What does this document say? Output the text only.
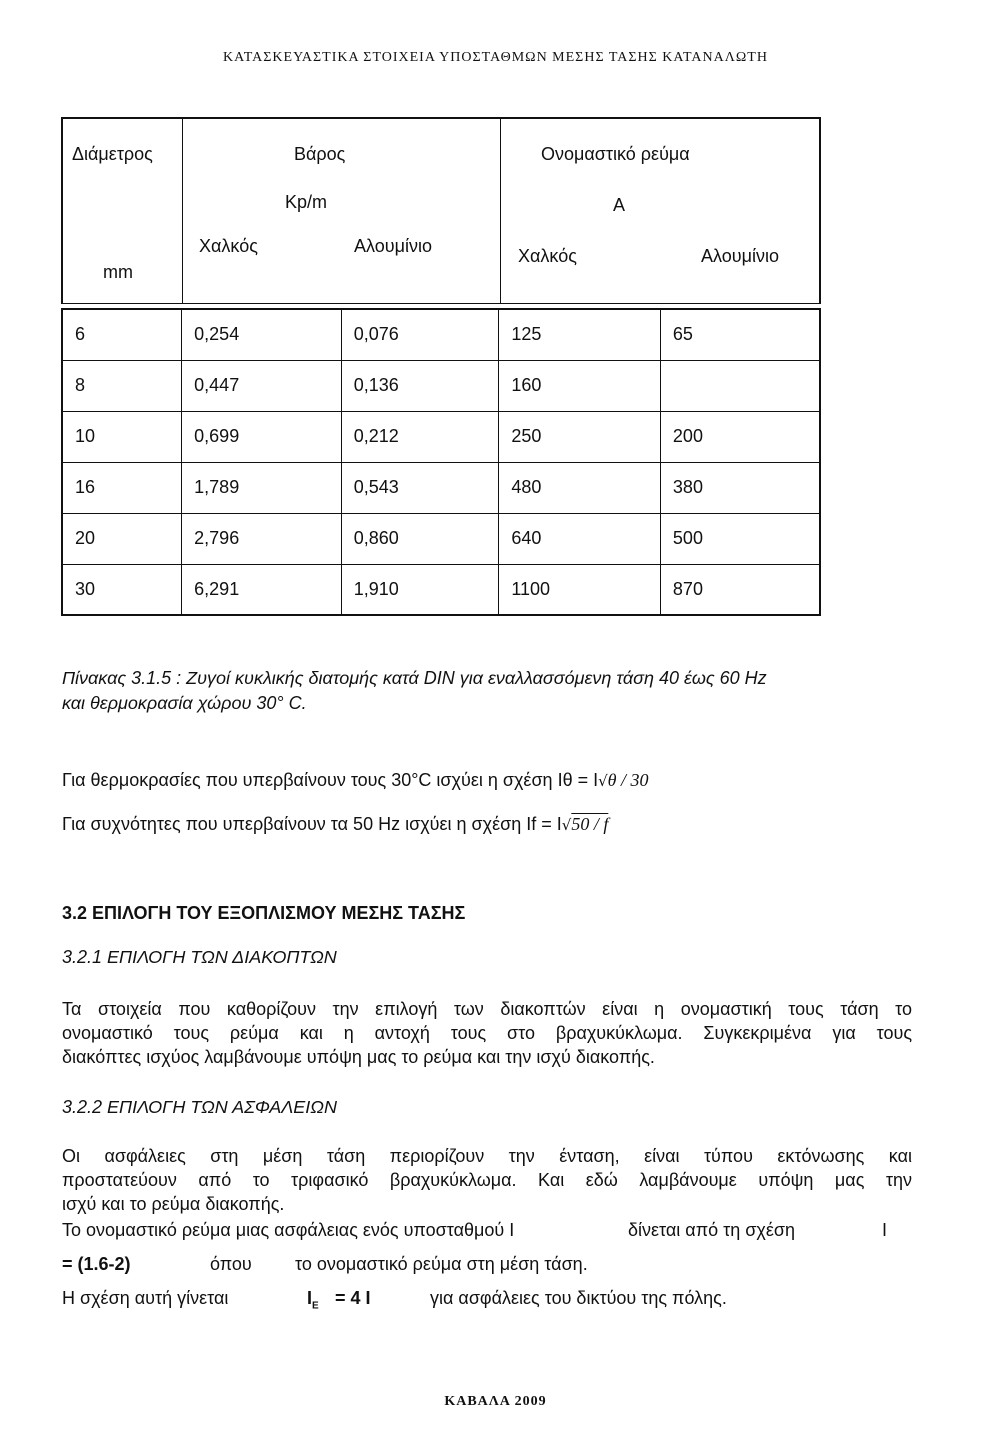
ΚΑΤΑΣΚΕΥΑΣΤΙΚΑ ΣΤΟΙΧΕΙΑ ΥΠΟΣΤΑΘΜΩΝ ΜΕΣΗΣ ΤΑΣΗΣ ΚΑΤΑΝΑΛΩΤΗ
Διάμετρος
mm
Βάρος
Kp/m
Ονομαστικό ρεύμα
A
Χαλκός	Αλουμίνιο	Χαλκός	Αλουμίνιο
6	0,254	0,076	125	65
8	0,447	0,136	160	
10	0,699	0,212	250	200
16	1,789	0,543	480	380
20	2,796	0,860	640	500
30	6,291	1,910	1100	870
Πίνακας 3.1.5 : Ζυγοί κυκλικής διατομής κατά DIN για εναλλασσόμενη τάση 40 έως 60 Hz
και θερμοκρασία χώρου 30° C.
Για θερμοκρασίες που υπερβαίνουν τους 30°C ισχύει η σχέση Ιθ = Ι√θ / 30
Για συχνότητες που υπερβαίνουν τα 50 Hz ισχύει η σχέση If = Ι√50 / f
3.2 ΕΠΙΛΟΓΗ ΤΟΥ ΕΞΟΠΛΙΣΜΟΥ ΜΕΣΗΣ ΤΑΣΗΣ
3.2.1 ΕΠΙΛΟΓΗ ΤΩΝ ΔΙΑΚΟΠΤΩΝ
Τα στοιχεία που καθορίζουν την επιλογή των διακοπτών είναι η ονομαστική τους τάση το
ονομαστικό τους ρεύμα και η αντοχή τους στο βραχυκύκλωμα. Συγκεκριμένα για τους
διακόπτες ισχύος λαμβάνουμε υπόψη μας το ρεύμα και την ισχύ διακοπής.
3.2.2 ΕΠΙΛΟΓΗ ΤΩΝ ΑΣΦΑΛΕΙΩΝ
Οι ασφάλειες στη μέση τάση περιορίζουν την ένταση, είναι τύπου εκτόνωσης και
προστατεύουν από το τριφασικό βραχυκύκλωμα. Και εδώ λαμβάνουμε υπόψη μας την
ισχύ και το ρεύμα διακοπής.
Το ονομαστικό ρεύμα μιας ασφάλειας ενός υποσταθμού Ι	δίνεται από τη σχέση	Ι
= (1.6-2)	όπου το ονομαστικό ρεύμα στη μέση τάση.
Η σχέση αυτή γίνεται	$I_E = 4$ Ι	για ασφάλειες του δικτύου της πόλης.
ΚΑΒΑΛΑ 2009
